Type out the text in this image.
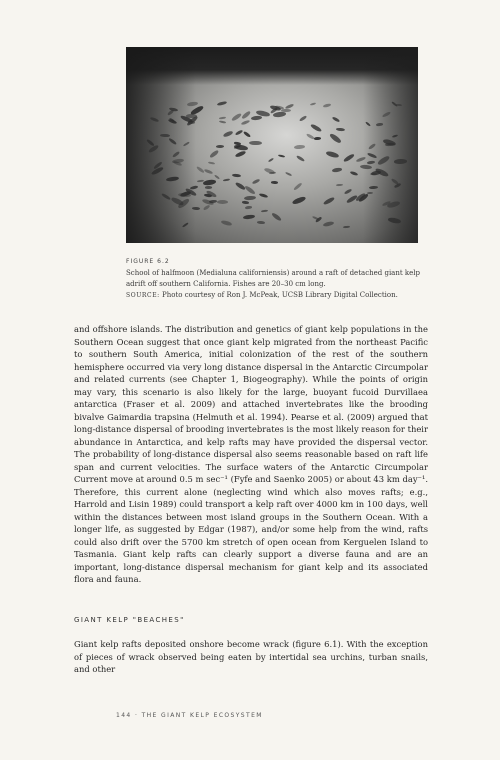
FIGURE 6.2
School of halfmoon (Medialuna californiensis) around a raft of detached giant kelp adrift off southern California. Fishes are 20–30 cm long.
SOURCE: Photo courtesy of Ron J. McPeak, UCSB Library Digital Collection.

and offshore islands. The distribution and genetics of giant kelp populations in the Southern Ocean suggest that once giant kelp migrated from the northeast Pacific to southern South America, initial colonization of the rest of the southern hemisphere occurred via very long distance dispersal in the Antarctic Circumpolar and related currents (see Chapter 1, Biogeography). While the points of origin may vary, this scenario is also likely for the large, buoyant fucoid Durvillaea antarctica (Fraser et al. 2009) and attached invertebrates like the brooding bivalve Gaimardia trapsina (Helmuth et al. 1994). Pearse et al. (2009) argued that long-distance dispersal of brooding invertebrates is the most likely reason for their abundance in Antarctica, and kelp rafts may have provided the dispersal vector. The probability of long-distance dispersal also seems reasonable based on raft life span and current velocities. The surface waters of the Antarctic Circumpolar Current move at around 0.5 m sec⁻¹ (Fyfe and Saenko 2005) or about 43 km day⁻¹. Therefore, this current alone (neglecting wind which also moves rafts; e.g., Harrold and Lisin 1989) could transport a kelp raft over 4000 km in 100 days, well within the distances between most island groups in the Southern Ocean. With a longer life, as suggested by Edgar (1987), and/or some help from the wind, rafts could also drift over the 5700 km stretch of open ocean from Kerguelen Island to Tasmania. Giant kelp rafts can clearly support a diverse fauna and are an important, long-distance dispersal mechanism for giant kelp and its associated flora and fauna.

GIANT KELP "BEACHES"

Giant kelp rafts deposited onshore become wrack (figure 6.1). With the exception of pieces of wrack observed being eaten by intertidal sea urchins, turban snails, and other

144 · THE GIANT KELP ECOSYSTEM
